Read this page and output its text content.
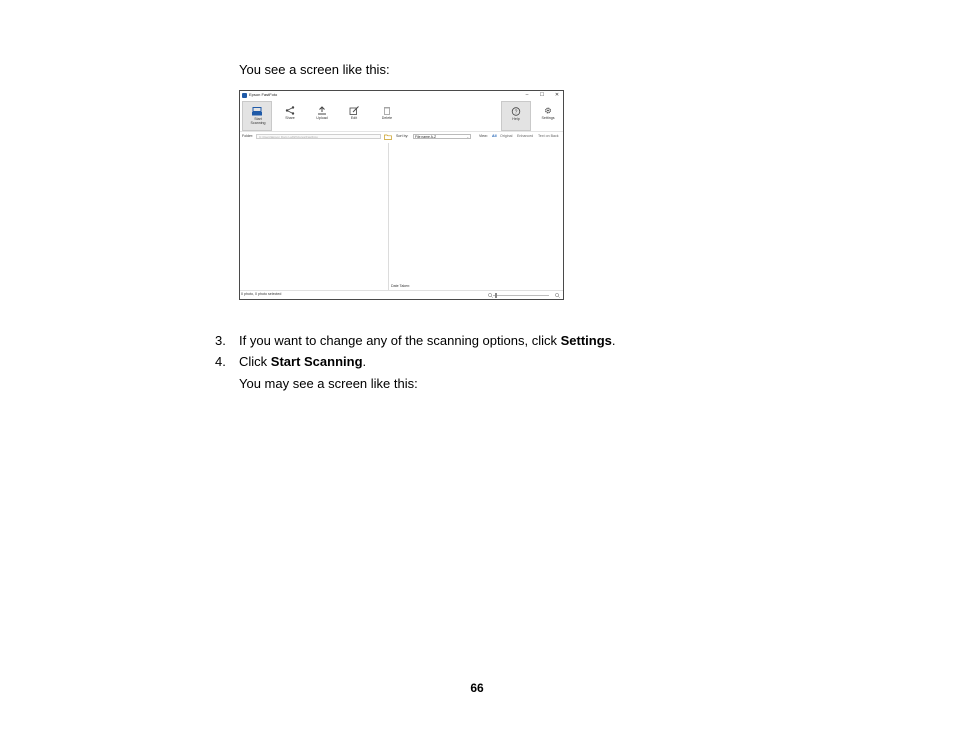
You see a screen like this:
Epson FastFoto	–	☐	✕
Start Scanning
Share	Upload	Edit	Delete
?
Help	Settings
Folder:	C:\Users\Epson Docs Lab\Pictures\FastFoto	Sort by:	File name A-Z	⌄	View: All Original Enhanced Text on Back
Date Taken:
0 photo, 0 photo selected
3. If you want to change any of the scanning options, click Settings.
4. Click Start Scanning.
You may see a screen like this:
66
